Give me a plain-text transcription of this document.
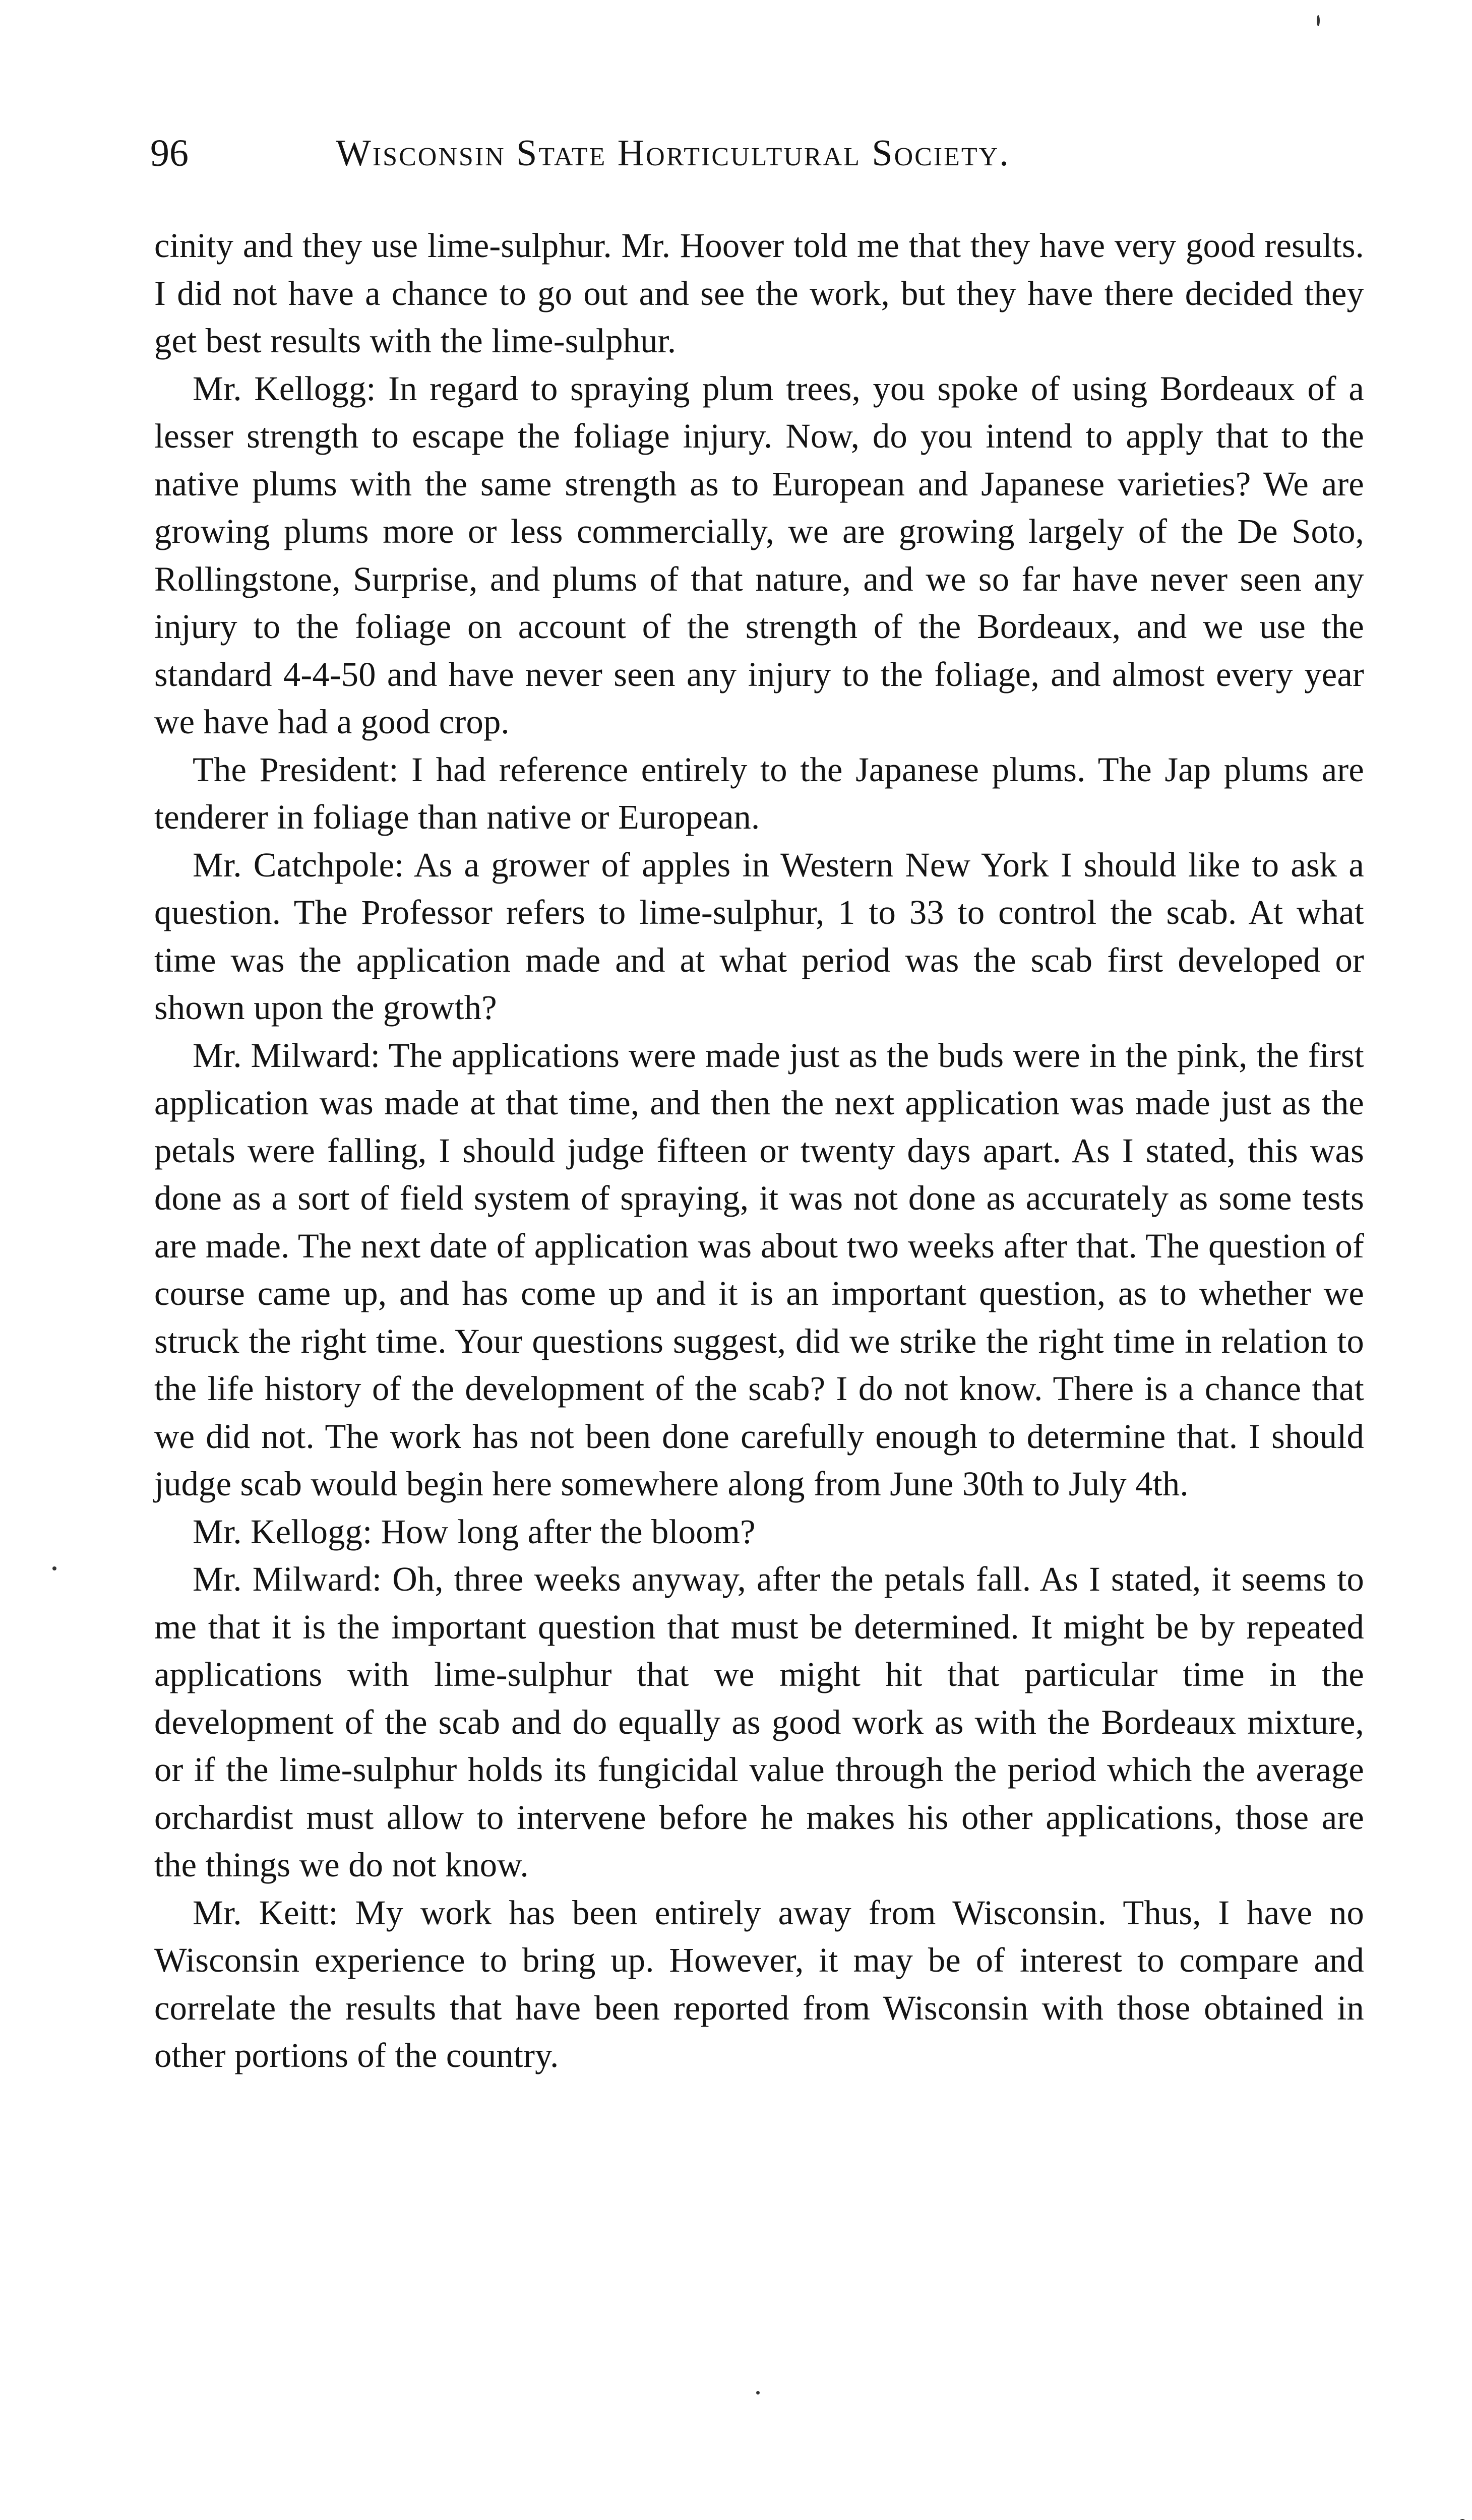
96	Wisconsin State Horticultural Society.

cinity and they use lime-sulphur. Mr. Hoover told me that they have very good results. I did not have a chance to go out and see the work, but they have there decided they get best results with the lime-sulphur.

Mr. Kellogg: In regard to spraying plum trees, you spoke of using Bordeaux of a lesser strength to escape the foliage injury. Now, do you intend to apply that to the native plums with the same strength as to European and Japanese varieties? We are growing plums more or less commercially, we are growing largely of the De Soto, Rollingstone, Surprise, and plums of that nature, and we so far have never seen any injury to the foliage on account of the strength of the Bordeaux, and we use the standard 4-4-50 and have never seen any injury to the foliage, and almost every year we have had a good crop.

The President: I had reference entirely to the Japanese plums. The Jap plums are tenderer in foliage than native or European.

Mr. Catchpole: As a grower of apples in Western New York I should like to ask a question. The Professor refers to lime-sulphur, 1 to 33 to control the scab. At what time was the application made and at what period was the scab first developed or shown upon the growth?

Mr. Milward: The applications were made just as the buds were in the pink, the first application was made at that time, and then the next application was made just as the petals were falling, I should judge fifteen or twenty days apart. As I stated, this was done as a sort of field system of spraying, it was not done as accurately as some tests are made. The next date of application was about two weeks after that. The question of course came up, and has come up and it is an important question, as to whether we struck the right time. Your questions suggest, did we strike the right time in relation to the life history of the development of the scab? I do not know. There is a chance that we did not. The work has not been done carefully enough to determine that. I should judge scab would begin here somewhere along from June 30th to July 4th.

Mr. Kellogg: How long after the bloom?

Mr. Milward: Oh, three weeks anyway, after the petals fall. As I stated, it seems to me that it is the important question that must be determined. It might be by repeated applications with lime-sulphur that we might hit that particular time in the development of the scab and do equally as good work as with the Bordeaux mixture, or if the lime-sulphur holds its fungicidal value through the period which the average orchardist must allow to intervene before he makes his other applications, those are the things we do not know.

Mr. Keitt: My work has been entirely away from Wisconsin. Thus, I have no Wisconsin experience to bring up. However, it may be of interest to compare and correlate the results that have been reported from Wisconsin with those obtained in other portions of the country.
